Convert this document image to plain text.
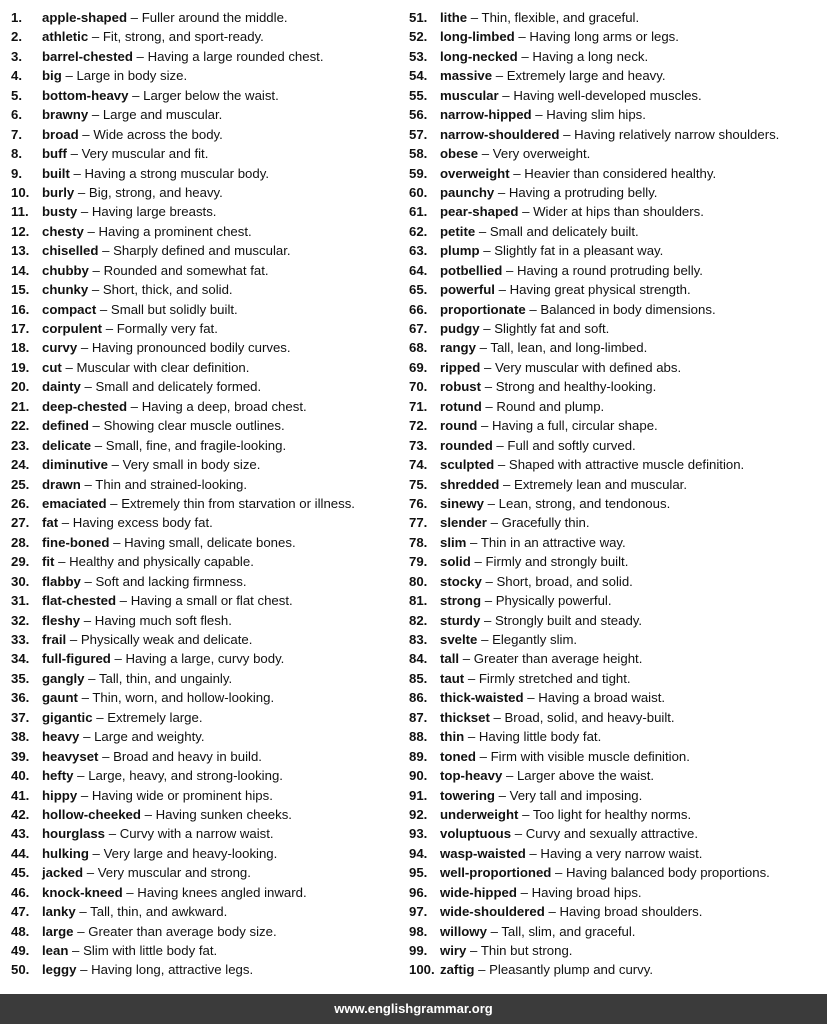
1. apple-shaped – Fuller around the middle.
2. athletic – Fit, strong, and sport-ready.
3. barrel-chested – Having a large rounded chest.
4. big – Large in body size.
5. bottom-heavy – Larger below the waist.
6. brawny – Large and muscular.
7. broad – Wide across the body.
8. buff – Very muscular and fit.
9. built – Having a strong muscular body.
10. burly – Big, strong, and heavy.
11. busty – Having large breasts.
12. chesty – Having a prominent chest.
13. chiselled – Sharply defined and muscular.
14. chubby – Rounded and somewhat fat.
15. chunky – Short, thick, and solid.
16. compact – Small but solidly built.
17. corpulent – Formally very fat.
18. curvy – Having pronounced bodily curves.
19. cut – Muscular with clear definition.
20. dainty – Small and delicately formed.
21. deep-chested – Having a deep, broad chest.
22. defined – Showing clear muscle outlines.
23. delicate – Small, fine, and fragile-looking.
24. diminutive – Very small in body size.
25. drawn – Thin and strained-looking.
26. emaciated – Extremely thin from starvation or illness.
27. fat – Having excess body fat.
28. fine-boned – Having small, delicate bones.
29. fit – Healthy and physically capable.
30. flabby – Soft and lacking firmness.
31. flat-chested – Having a small or flat chest.
32. fleshy – Having much soft flesh.
33. frail – Physically weak and delicate.
34. full-figured – Having a large, curvy body.
35. gangly – Tall, thin, and ungainly.
36. gaunt – Thin, worn, and hollow-looking.
37. gigantic – Extremely large.
38. heavy – Large and weighty.
39. heavyset – Broad and heavy in build.
40. hefty – Large, heavy, and strong-looking.
41. hippy – Having wide or prominent hips.
42. hollow-cheeked – Having sunken cheeks.
43. hourglass – Curvy with a narrow waist.
44. hulking – Very large and heavy-looking.
45. jacked – Very muscular and strong.
46. knock-kneed – Having knees angled inward.
47. lanky – Tall, thin, and awkward.
48. large – Greater than average body size.
49. lean – Slim with little body fat.
50. leggy – Having long, attractive legs.
51. lithe – Thin, flexible, and graceful.
52. long-limbed – Having long arms or legs.
53. long-necked – Having a long neck.
54. massive – Extremely large and heavy.
55. muscular – Having well-developed muscles.
56. narrow-hipped – Having slim hips.
57. narrow-shouldered – Having relatively narrow shoulders.
58. obese – Very overweight.
59. overweight – Heavier than considered healthy.
60. paunchy – Having a protruding belly.
61. pear-shaped – Wider at hips than shoulders.
62. petite – Small and delicately built.
63. plump – Slightly fat in a pleasant way.
64. potbellied – Having a round protruding belly.
65. powerful – Having great physical strength.
66. proportionate – Balanced in body dimensions.
67. pudgy – Slightly fat and soft.
68. rangy – Tall, lean, and long-limbed.
69. ripped – Very muscular with defined abs.
70. robust – Strong and healthy-looking.
71. rotund – Round and plump.
72. round – Having a full, circular shape.
73. rounded – Full and softly curved.
74. sculpted – Shaped with attractive muscle definition.
75. shredded – Extremely lean and muscular.
76. sinewy – Lean, strong, and tendonous.
77. slender – Gracefully thin.
78. slim – Thin in an attractive way.
79. solid – Firmly and strongly built.
80. stocky – Short, broad, and solid.
81. strong – Physically powerful.
82. sturdy – Strongly built and steady.
83. svelte – Elegantly slim.
84. tall – Greater than average height.
85. taut – Firmly stretched and tight.
86. thick-waisted – Having a broad waist.
87. thickset – Broad, solid, and heavy-built.
88. thin – Having little body fat.
89. toned – Firm with visible muscle definition.
90. top-heavy – Larger above the waist.
91. towering – Very tall and imposing.
92. underweight – Too light for healthy norms.
93. voluptuous – Curvy and sexually attractive.
94. wasp-waisted – Having a very narrow waist.
95. well-proportioned – Having balanced body proportions.
96. wide-hipped – Having broad hips.
97. wide-shouldered – Having broad shoulders.
98. willowy – Tall, slim, and graceful.
99. wiry – Thin but strong.
100. zaftig – Pleasantly plump and curvy.
www.englishgrammar.org
